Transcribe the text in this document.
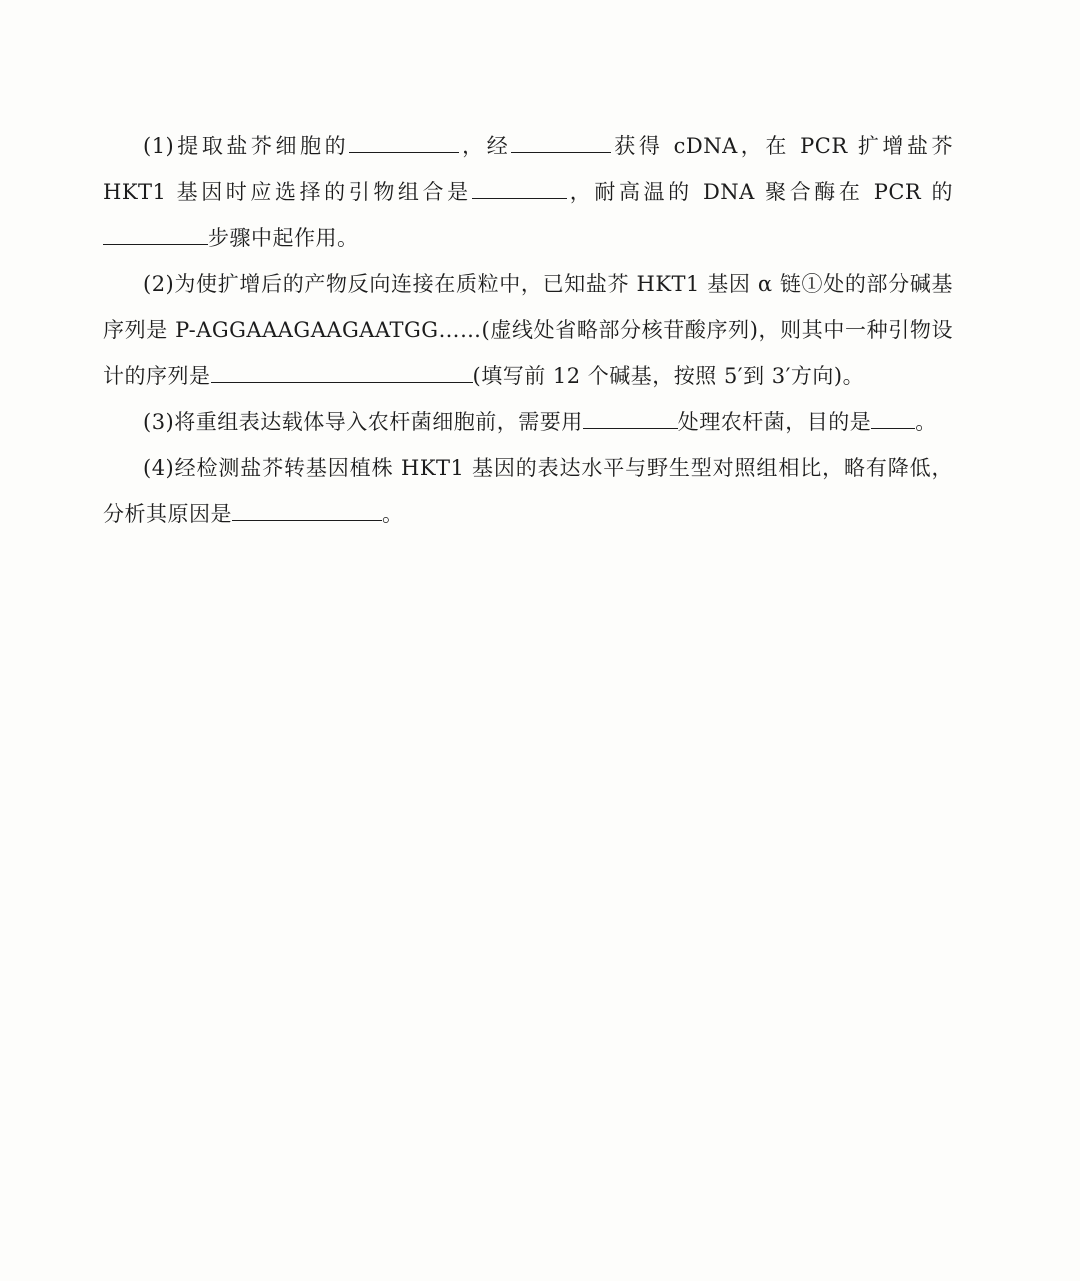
(1)提取盐芥细胞的	，经	获得 cDNA，在 PCR 扩增盐芥 HKT1 基因时应选择的引物组合是	，耐高温的 DNA 聚合酶在 PCR 的步骤中起作用。

(2)为使扩增后的产物反向连接在质粒中，已知盐芥 HKT1 基因 α 链①处的部分碱基序列是 P-AGGAAAGAAGAATGG……(虚线处省略部分核苷酸序列)，则其中一种引物设计的序列是	(填写前 12 个碱基，按照 5′到 3′方向)。

(3)将重组表达载体导入农杆菌细胞前，需要用	处理农杆菌，目的是 。

(4)经检测盐芥转基因植株 HKT1 基因的表达水平与野生型对照组相比，略有降低，分析其原因是	。
